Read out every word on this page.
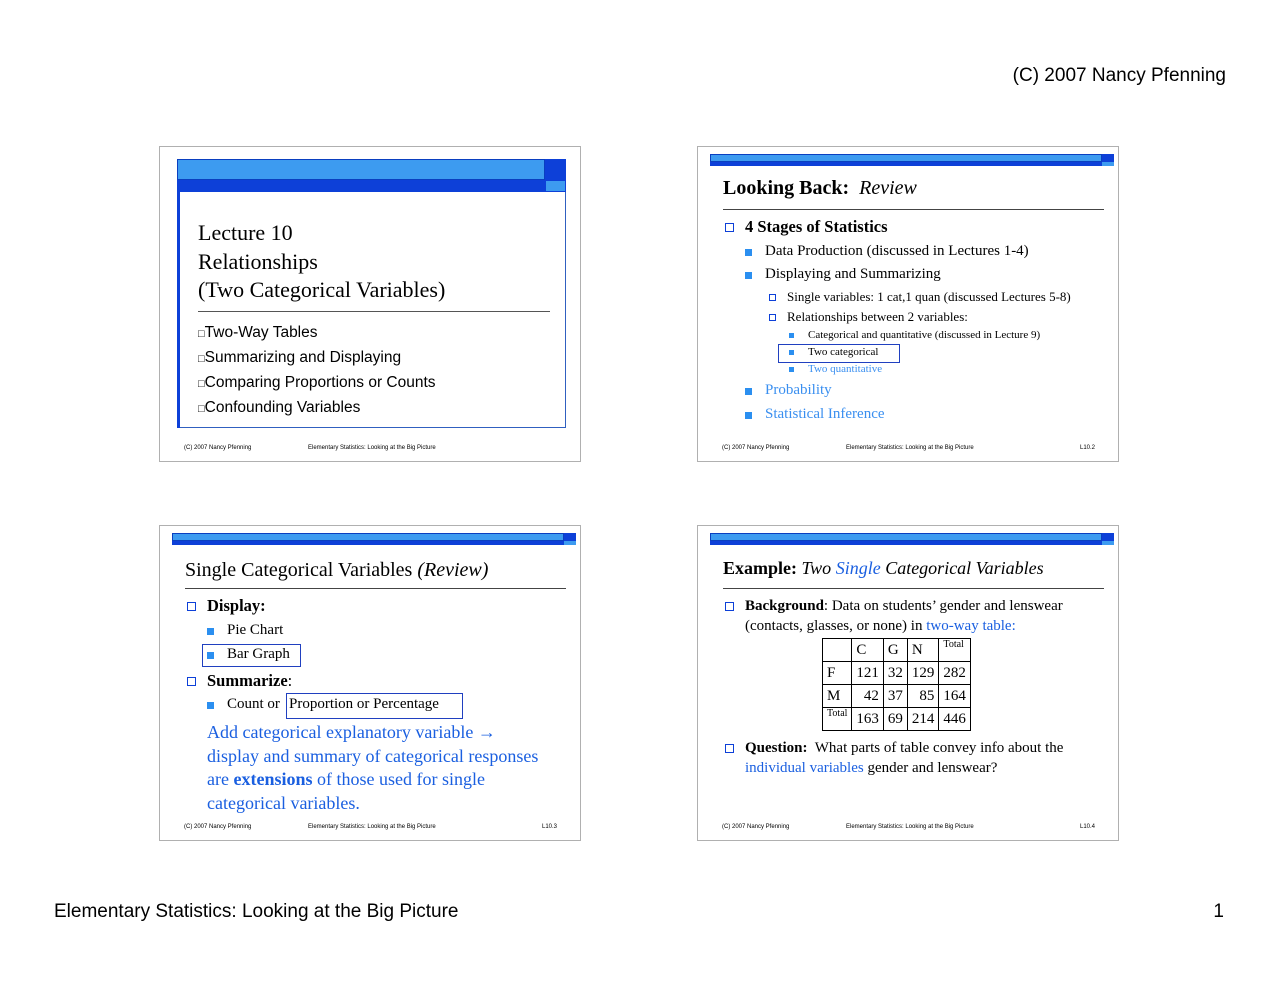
(C) 2007 Nancy Pfenning
Lecture 10
Relationships
(Two Categorical Variables)
□Two-Way Tables
□Summarizing and Displaying
□Comparing Proportions or Counts
□Confounding Variables
(C) 2007 Nancy Pfenning	Elementary Statistics: Looking at the Big Picture
Looking Back: Review
4 Stages of Statistics
Data Production (discussed in Lectures 1-4)
Displaying and Summarizing
Single variables: 1 cat,1 quan (discussed Lectures 5-8)
Relationships between 2 variables:
Categorical and quantitative (discussed in Lecture 9)
Two categorical
Two quantitative
Probability
Statistical Inference
(C) 2007 Nancy Pfenning	Elementary Statistics: Looking at the Big Picture	L10.2
Single Categorical Variables (Review)
Display:
Pie Chart
Bar Graph
Summarize:
Count or Proportion or Percentage
Add categorical explanatory variable →
display and summary of categorical responses
are extensions of those used for single
categorical variables.
(C) 2007 Nancy Pfenning	Elementary Statistics: Looking at the Big Picture	L10.3
Example: Two Single Categorical Variables
Background: Data on students’ gender and lenswear
(contacts, glasses, or none) in two-way table:
	C	G	N	Total
F	121	32	129	282
M	42	37	85	164
Total	163	69	214	446
Question: What parts of table convey info about the
individual variables gender and lenswear?
(C) 2007 Nancy Pfenning	Elementary Statistics: Looking at the Big Picture	L10.4
Elementary Statistics: Looking at the Big Picture	1
